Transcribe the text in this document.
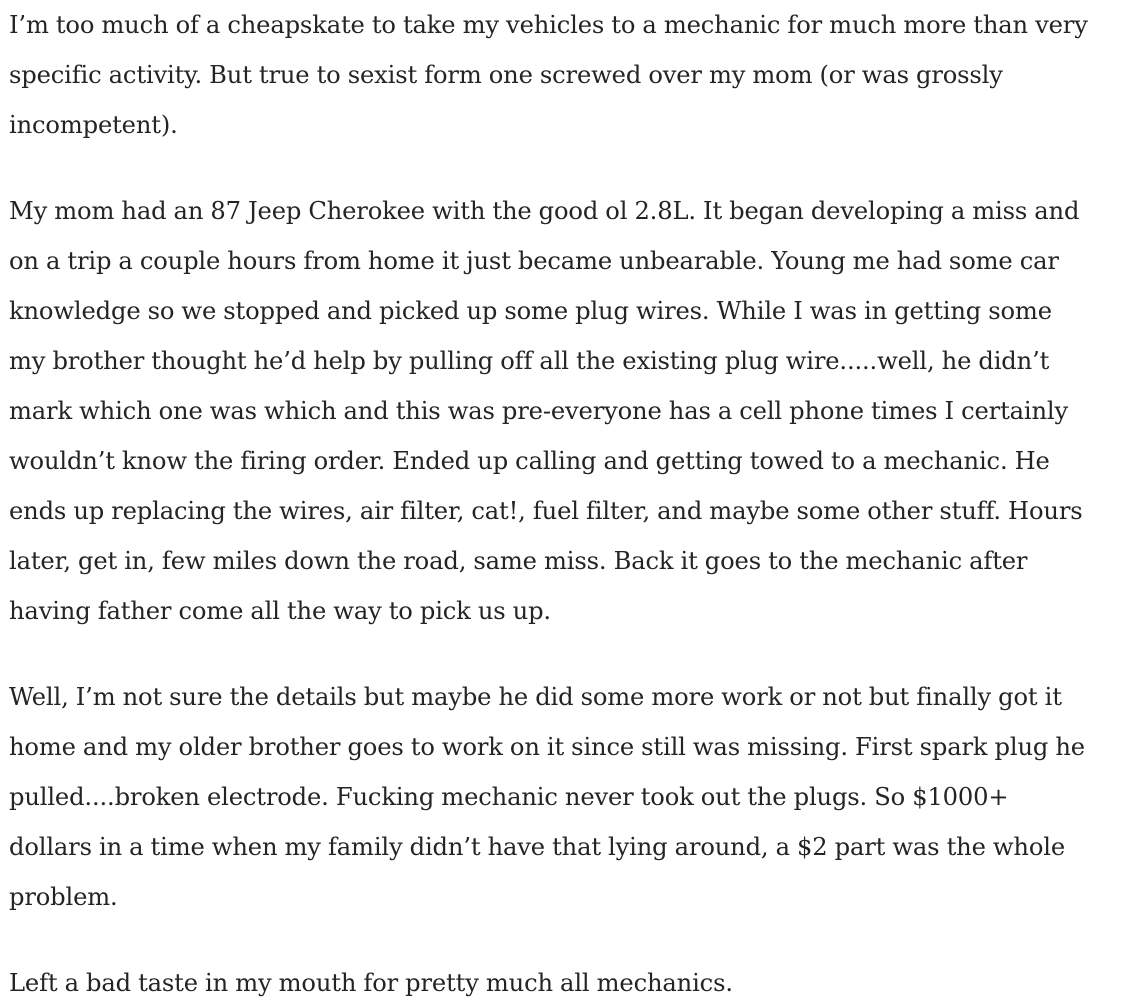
I’m too much of a cheapskate to take my vehicles to a mechanic for much more than very
specific activity. But true to sexist form one screwed over my mom (or was grossly
incompetent).

My mom had an 87 Jeep Cherokee with the good ol 2.8L. It began developing a miss and
on a trip a couple hours from home it just became unbearable. Young me had some car
knowledge so we stopped and picked up some plug wires. While I was in getting some
my brother thought he’d help by pulling off all the existing plug wire.....well, he didn’t
mark which one was which and this was pre-everyone has a cell phone times I certainly
wouldn’t know the firing order. Ended up calling and getting towed to a mechanic. He
ends up replacing the wires, air filter, cat!, fuel filter, and maybe some other stuff. Hours
later, get in, few miles down the road, same miss. Back it goes to the mechanic after
having father come all the way to pick us up.

Well, I’m not sure the details but maybe he did some more work or not but finally got it
home and my older brother goes to work on it since still was missing. First spark plug he
pulled....broken electrode. Fucking mechanic never took out the plugs. So $1000+
dollars in a time when my family didn’t have that lying around, a $2 part was the whole
problem.

Left a bad taste in my mouth for pretty much all mechanics.
